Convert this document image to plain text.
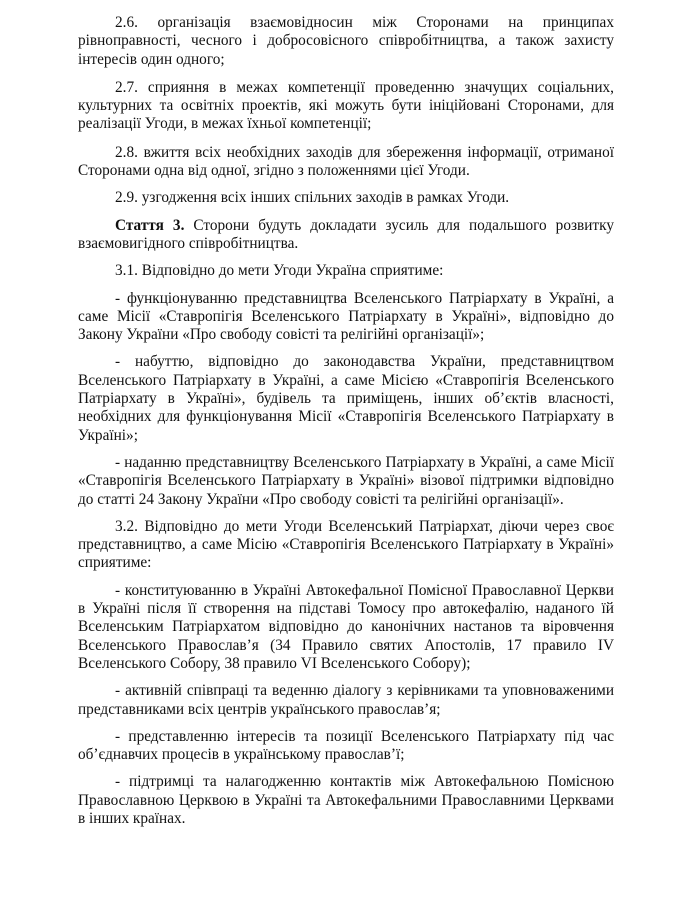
2.6. організація взаємовідносин між Сторонами на принципах рівноправності, чесного і добросовісного співробітництва, а також захисту інтересів один одного;

2.7. сприяння в межах компетенції проведенню значущих соціальних, культурних та освітніх проектів, які можуть бути ініційовані Сторонами, для реалізації Угоди, в межах їхньої компетенції;

2.8. вжиття всіх необхідних заходів для збереження інформації, отриманої Сторонами одна від одної, згідно з положеннями цієї Угоди.

2.9. узгодження всіх інших спільних заходів в рамках Угоди.

Стаття 3. Сторони будуть докладати зусиль для подальшого розвитку взаємовигідного співробітництва.

3.1. Відповідно до мети Угоди Україна сприятиме:

- функціонуванню представництва Вселенського Патріархату в Україні, а саме Місії «Ставропігія Вселенського Патріархату в Україні», відповідно до Закону України «Про свободу совісті та релігійні організації»;

- набуттю, відповідно до законодавства України, представництвом Вселенського Патріархату в Україні, а саме Місією «Ставропігія Вселенського Патріархату в Україні», будівель та приміщень, інших об’єктів власності, необхідних для функціонування Місії «Ставропігія Вселенського Патріархату в Україні»;

- наданню представництву Вселенського Патріархату в Україні, а саме Місії «Ставропігія Вселенського Патріархату в Україні» візової підтримки відповідно до статті 24 Закону України «Про свободу совісті та релігійні організації».

3.2. Відповідно до мети Угоди Вселенський Патріархат, діючи через своє представництво, а саме Місію «Ставропігія Вселенського Патріархату в Україні» сприятиме:

- конституюванню в Україні Автокефальної Помісної Православної Церкви в Україні після її створення на підставі Томосу про автокефалію, наданого їй Вселенським Патріархатом відповідно до канонічних настанов та віровчення Вселенського Православ’я (34 Правило святих Апостолів, 17 правило IV Вселенського Собору, 38 правило VI Вселенського Собору);

- активній співпраці та веденню діалогу з керівниками та уповноваженими представниками всіх центрів українського православ’я;

- представленню інтересів та позиції Вселенського Патріархату під час об’єднавчих процесів в українському православ’ї;

- підтримці та налагодженню контактів між Автокефальною Помісною Православною Церквою в Україні та Автокефальними Православними Церквами в інших країнах.
